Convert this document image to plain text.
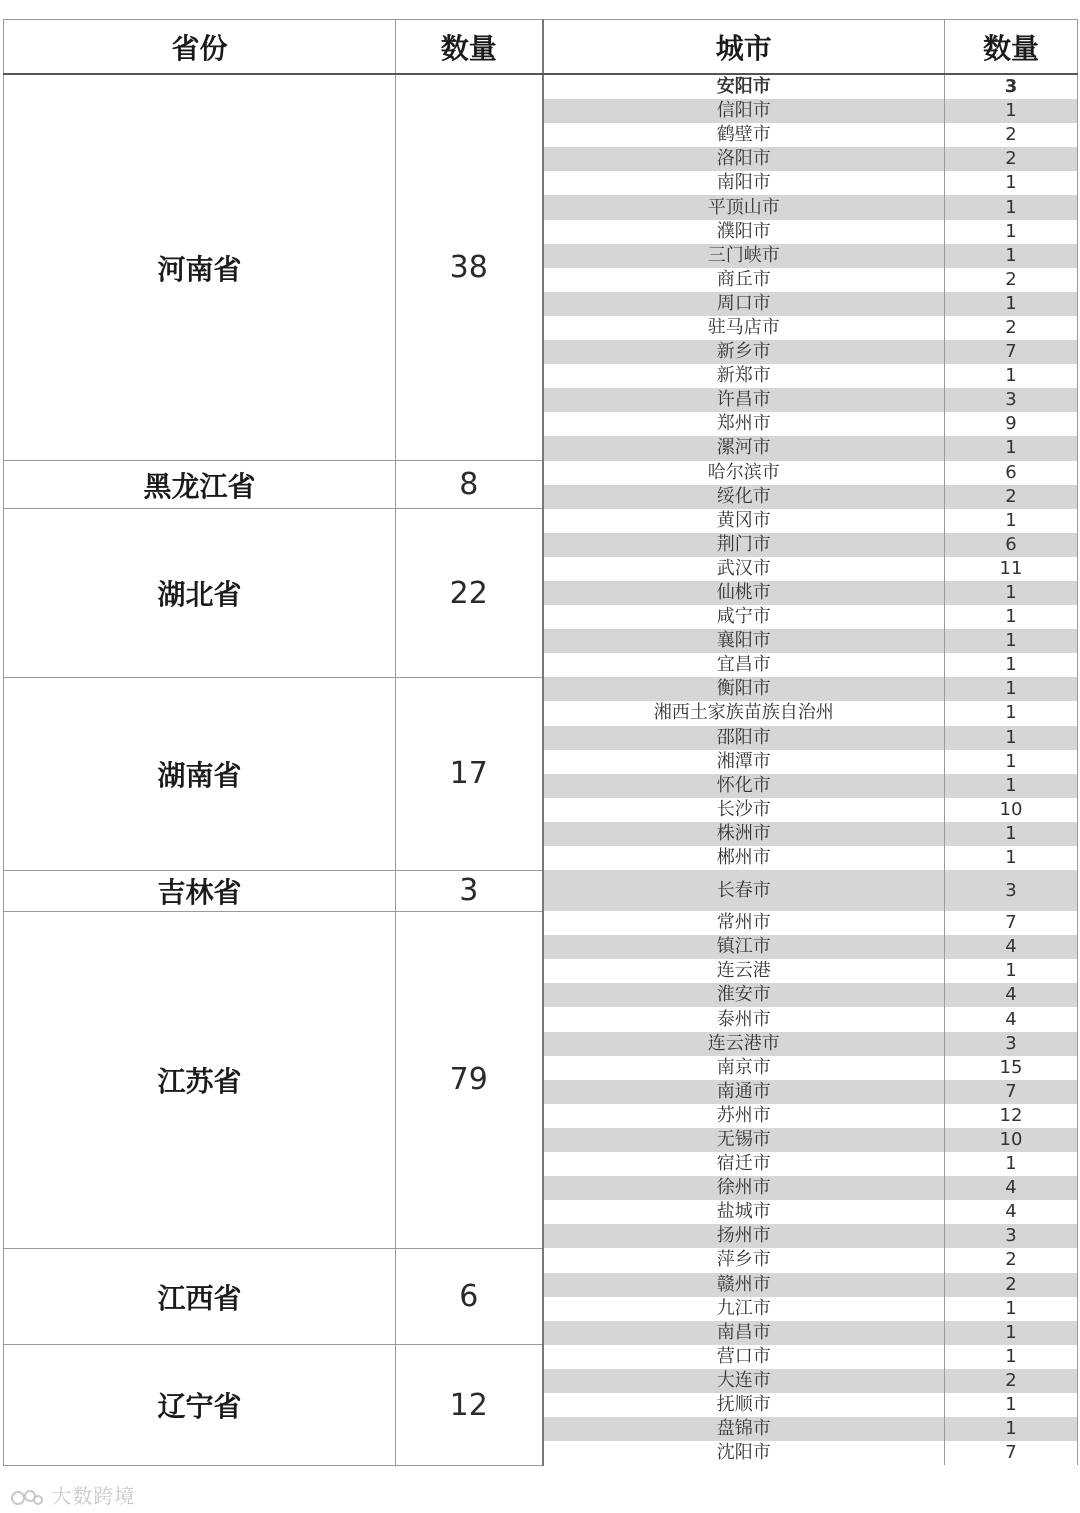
省份	数量	城市	数量
河南省	38	安阳市	3
		信阳市	1
		鹤壁市	2
		洛阳市	2
		南阳市	1
		平顶山市	1
		濮阳市	1
		三门峡市	1
		商丘市	2
		周口市	1
		驻马店市	2
		新乡市	7
		新郑市	1
		许昌市	3
		郑州市	9
		漯河市	1
黑龙江省	8	哈尔滨市	6
		绥化市	2
湖北省	22	黄冈市	1
		荆门市	6
		武汉市	11
		仙桃市	1
		咸宁市	1
		襄阳市	1
		宜昌市	1
湖南省	17	衡阳市	1
		湘西土家族苗族自治州	1
		邵阳市	1
		湘潭市	1
		怀化市	1
		长沙市	10
		株洲市	1
		郴州市	1
吉林省	3	长春市	3
江苏省	79	常州市	7
		镇江市	4
		连云港	1
		淮安市	4
		泰州市	4
		连云港市	3
		南京市	15
		南通市	7
		苏州市	12
		无锡市	10
		宿迁市	1
		徐州市	4
		盐城市	4
		扬州市	3
江西省	6	萍乡市	2
		赣州市	2
		九江市	1
		南昌市	1
辽宁省	12	营口市	1
		大连市	2
		抚顺市	1
		盘锦市	1
		沈阳市	7
大数跨境
